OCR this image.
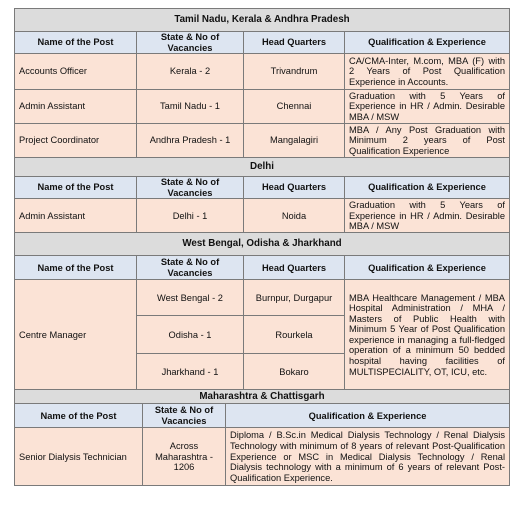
Tamil Nadu, Kerala & Andhra Pradesh			
Name of the Post	State & No of Vacancies	Head Quarters	Qualification & Experience
Accounts Officer	Kerala - 2	Trivandrum	CA/CMA-Inter, M.com, MBA (F) with 2 Years of Post Qualification Experience in Accounts.
Admin Assistant	Tamil Nadu - 1	Chennai	Graduation with 5 Years of Experience in HR / Admin. Desirable MBA / MSW
Project Coordinator	Andhra Pradesh - 1	Mangalagiri	MBA / Any Post Graduation with Minimum 2 years of Post Qualification Experience
Delhi			
Name of the Post	State & No of Vacancies	Head Quarters	Qualification & Experience
Admin Assistant	Delhi - 1	Noida	Graduation with 5 Years of Experience in HR / Admin. Desirable MBA / MSW
West Bengal, Odisha & Jharkhand			
Name of the Post	State & No of Vacancies	Head Quarters	Qualification & Experience
Centre Manager	West Bengal - 2	Burnpur, Durgapur	MBA Healthcare Management / MBA Hospital Administration / MHA / Masters of Public Health with Minimum 5 Year of Post Qualification experience in managing a full-fledged operation of a minimum 50 bedded hospital having facilities of MULTISPECIALITY, OT, ICU, etc.
	Odisha - 1	Rourkela	
	Jharkhand - 1	Bokaro	
Maharashtra & Chattisgarh		
Name of the Post	State & No of Vacancies	Qualification & Experience
Senior Dialysis Technician	Across Maharashtra - 1206	Diploma / B.Sc.in Medical Dialysis Technology / Renal Dialysis Technology with minimum of 8 years of relevant Post-Qualification Experience or MSC in Medical Dialysis Technology / Renal Dialysis technology with a minimum of 6 years of relevant Post-Qualification Experience.
